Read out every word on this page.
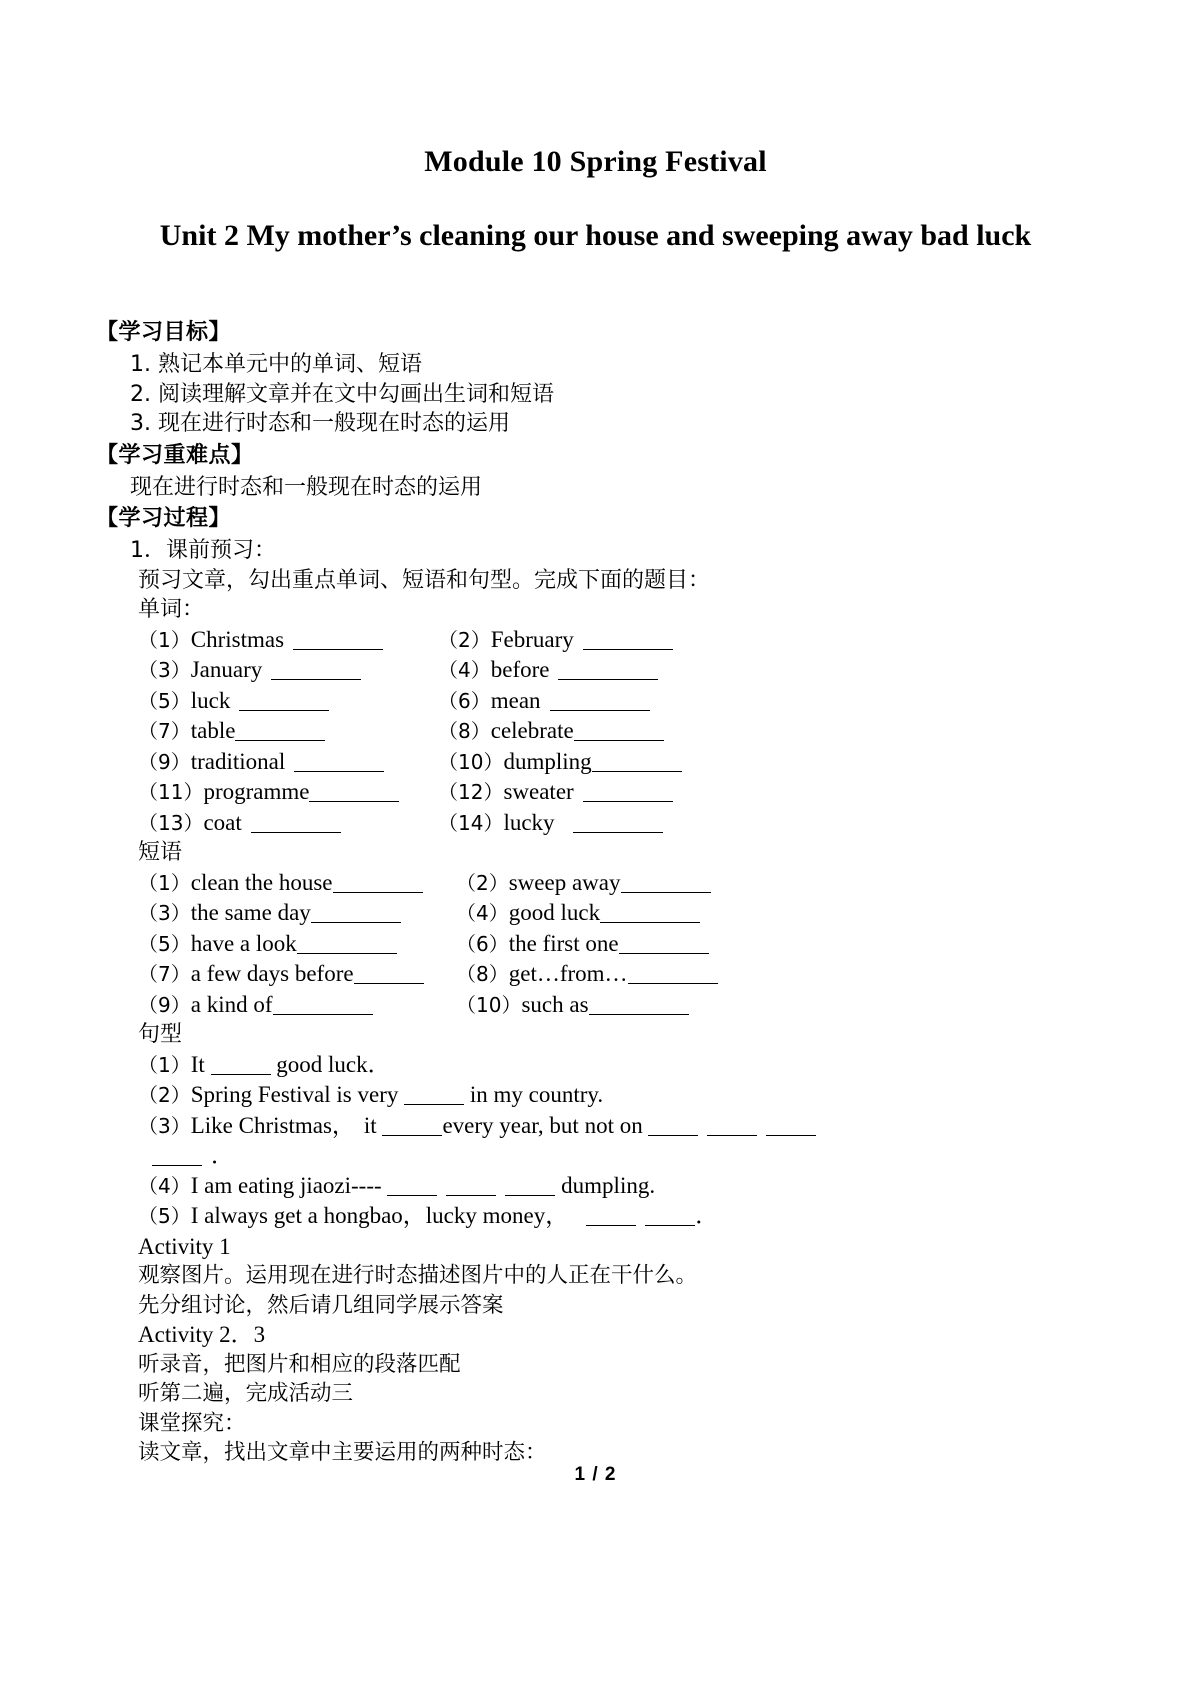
Module 10 Spring Festival
Unit 2 My mother’s cleaning our house and sweeping away bad luck
【学习目标】
1. 熟记本单元中的单词、短语
2. 阅读理解文章并在文中勾画出生词和短语
3. 现在进行时态和一般现在时态的运用
【学习重难点】
现在进行时态和一般现在时态的运用
【学习过程】
1．课前预习：
预习文章，勾出重点单词、短语和句型。完成下面的题目：
单词：
（1）Christmas	（2）February
（3）January	（4）before
（5）luck	（6）mean
（7）table	（8）celebrate
（9）traditional	（10）dumpling
（11）programme	（12）sweater
（13）coat	（14）lucky
短语
（1）clean the house	（2）sweep away
（3）the same day	（4）good luck
（5）have a look	（6）the first one
（7）a few days before	（8）get…from…
（9）a kind of	（10）such as
句型
（1）It	good luck．
（2）Spring Festival is very	in my country.
（3）Like Christmas， it	every year, but not on
．
（4）I am eating jiaozi----	dumpling.
（5）I always get a hongbao，lucky money，	．
Activity 1
观察图片。运用现在进行时态描述图片中的人正在干什么。
先分组讨论，然后请几组同学展示答案
Activity 2．3
听录音，把图片和相应的段落匹配
听第二遍，完成活动三
课堂探究：
读文章，找出文章中主要运用的两种时态：
1 / 2
